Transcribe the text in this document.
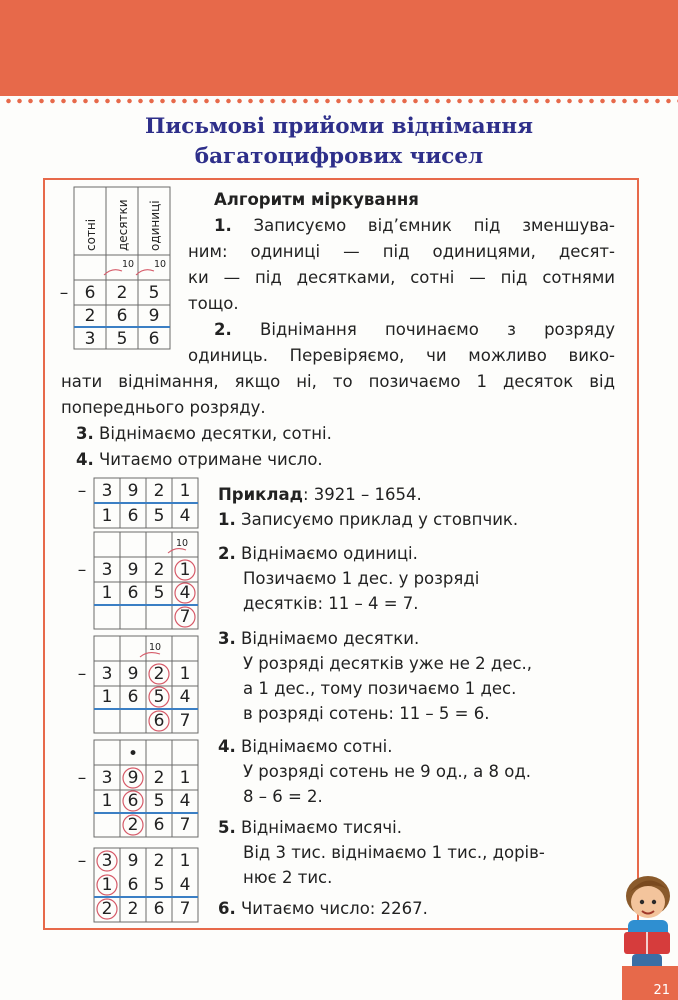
Письмові прийоми віднімання
багатоцифрових чисел
сотні десятки одиниці
10 10
– 6 2 5
2 6 9
3 5 6
Алгоритм міркування
1. Записуємо від’ємник під зменшува-
ним: одиниці — під одиницями, десят-
ки — під десятками, сотні — під сотнями
тощо.
2. Віднімання починаємо з розряду
одиниць. Перевіряємо, чи можливо вико-
нати віднімання, якщо ні, то позичаємо 1 десяток від
попереднього розряду.
3. Віднімаємо десятки, сотні.
4. Читаємо отримане число.
– 3 9 2 1
1 6 5 4
10
– 3 9 2 1
1 6 5 4
7
10
– 3 9 2 1
1 6 5 4
6 7
•
– 3 9 2 1
1 6 5 4
2 6 7
– 3 9 2 1
1 6 5 4
2 2 6 7
Приклад: 3921 – 1654.
1. Записуємо приклад у стовпчик.
2. Віднімаємо одиниці.
Позичаємо 1 дес. у розряді
десятків: 11 – 4 = 7.
3. Віднімаємо десятки.
У розряді десятків уже не 2 дес.,
а 1 дес., тому позичаємо 1 дес.
в розряді сотень: 11 – 5 = 6.
4. Віднімаємо сотні.
У розряді сотень не 9 од., а 8 од.
8 – 6 = 2.
5. Віднімаємо тисячі.
Від 3 тис. віднімаємо 1 тис., дорів-
нює 2 тис.
6. Читаємо число: 2267.
21
